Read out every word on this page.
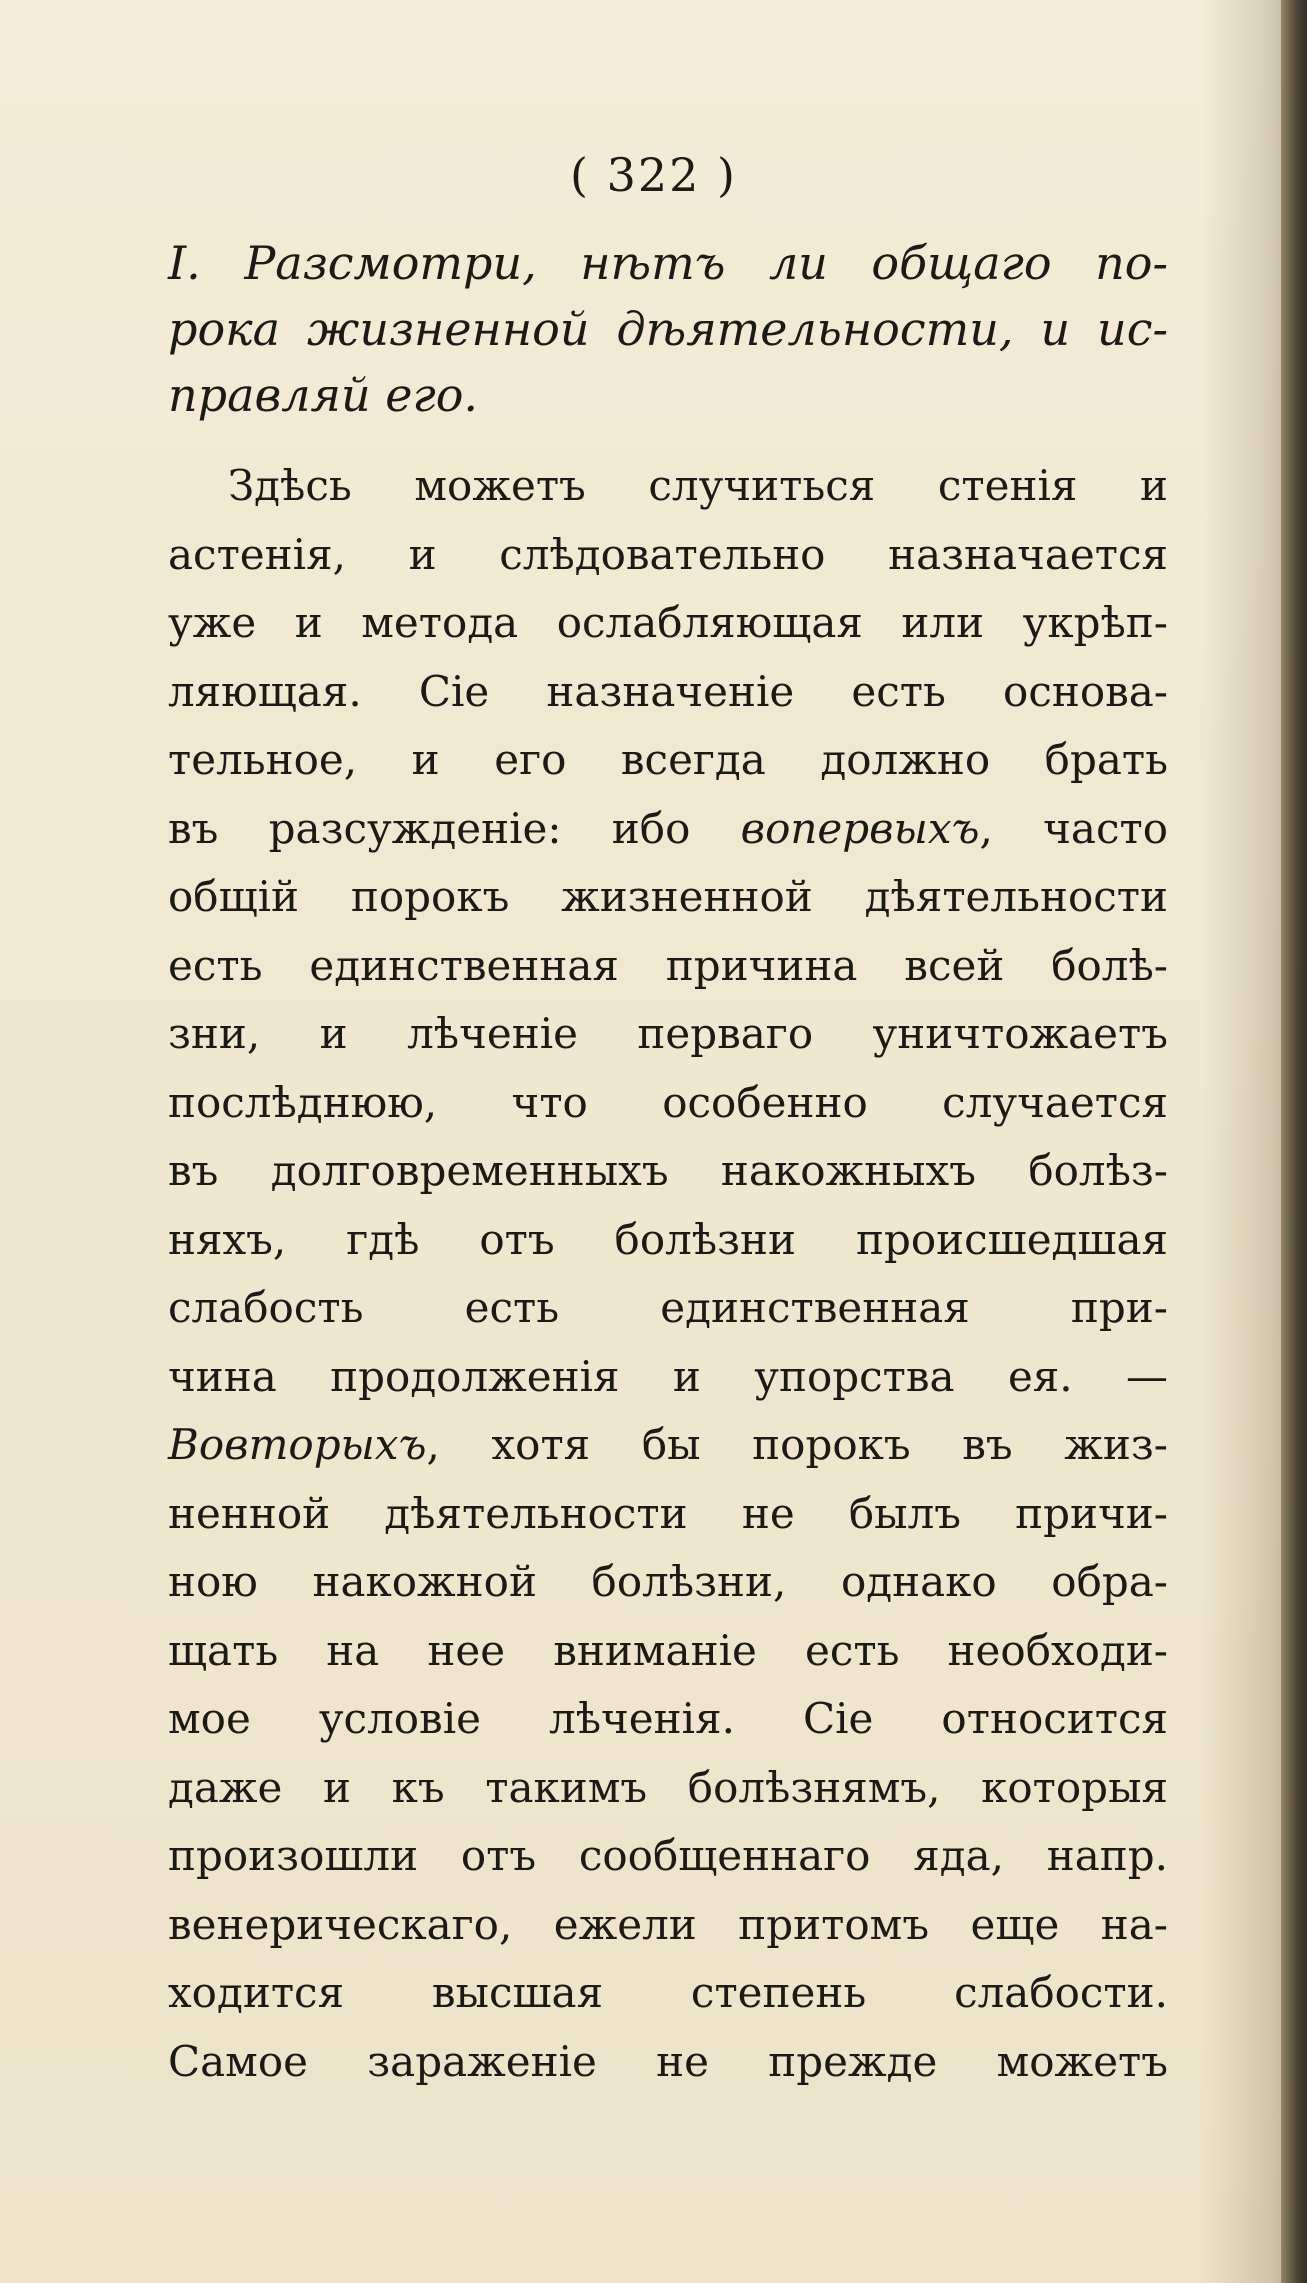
( 322 )
I. Разсмотри, нѣтъ ли общаго по-
рока жизненной дѣятельности, и ис-
правляй его.
Здѣсь можетъ случиться стенія и
астенія, и слѣдовательно назначается
уже и метода ослабляющая или укрѣп-
ляющая. Сіе назначеніе есть основа-
тельное, и его всегда должно брать
въ разсужденіе: ибо вопервыхъ, часто
общій порокъ жизненной дѣятельности
есть единственная причина всей болѣ-
зни, и лѣченіе перваго уничтожаетъ
послѣднюю, что особенно случается
въ долговременныхъ накожныхъ болѣз-
няхъ, гдѣ отъ болѣзни происшедшая
слабость есть единственная при-
чина продолженія и упорства ея. —
Вовторыхъ, хотя бы порокъ въ жиз-
ненной дѣятельности не былъ причи-
ною накожной болѣзни, однако обра-
щать на нее вниманіе есть необходи-
мое условіе лѣченія. Сіе относится
даже и къ такимъ болѣзнямъ, которыя
произошли отъ сообщеннаго яда, напр.
венерическаго, ежели притомъ еще на-
ходится высшая степень слабости.
Самое зараженіе не прежде можетъ
